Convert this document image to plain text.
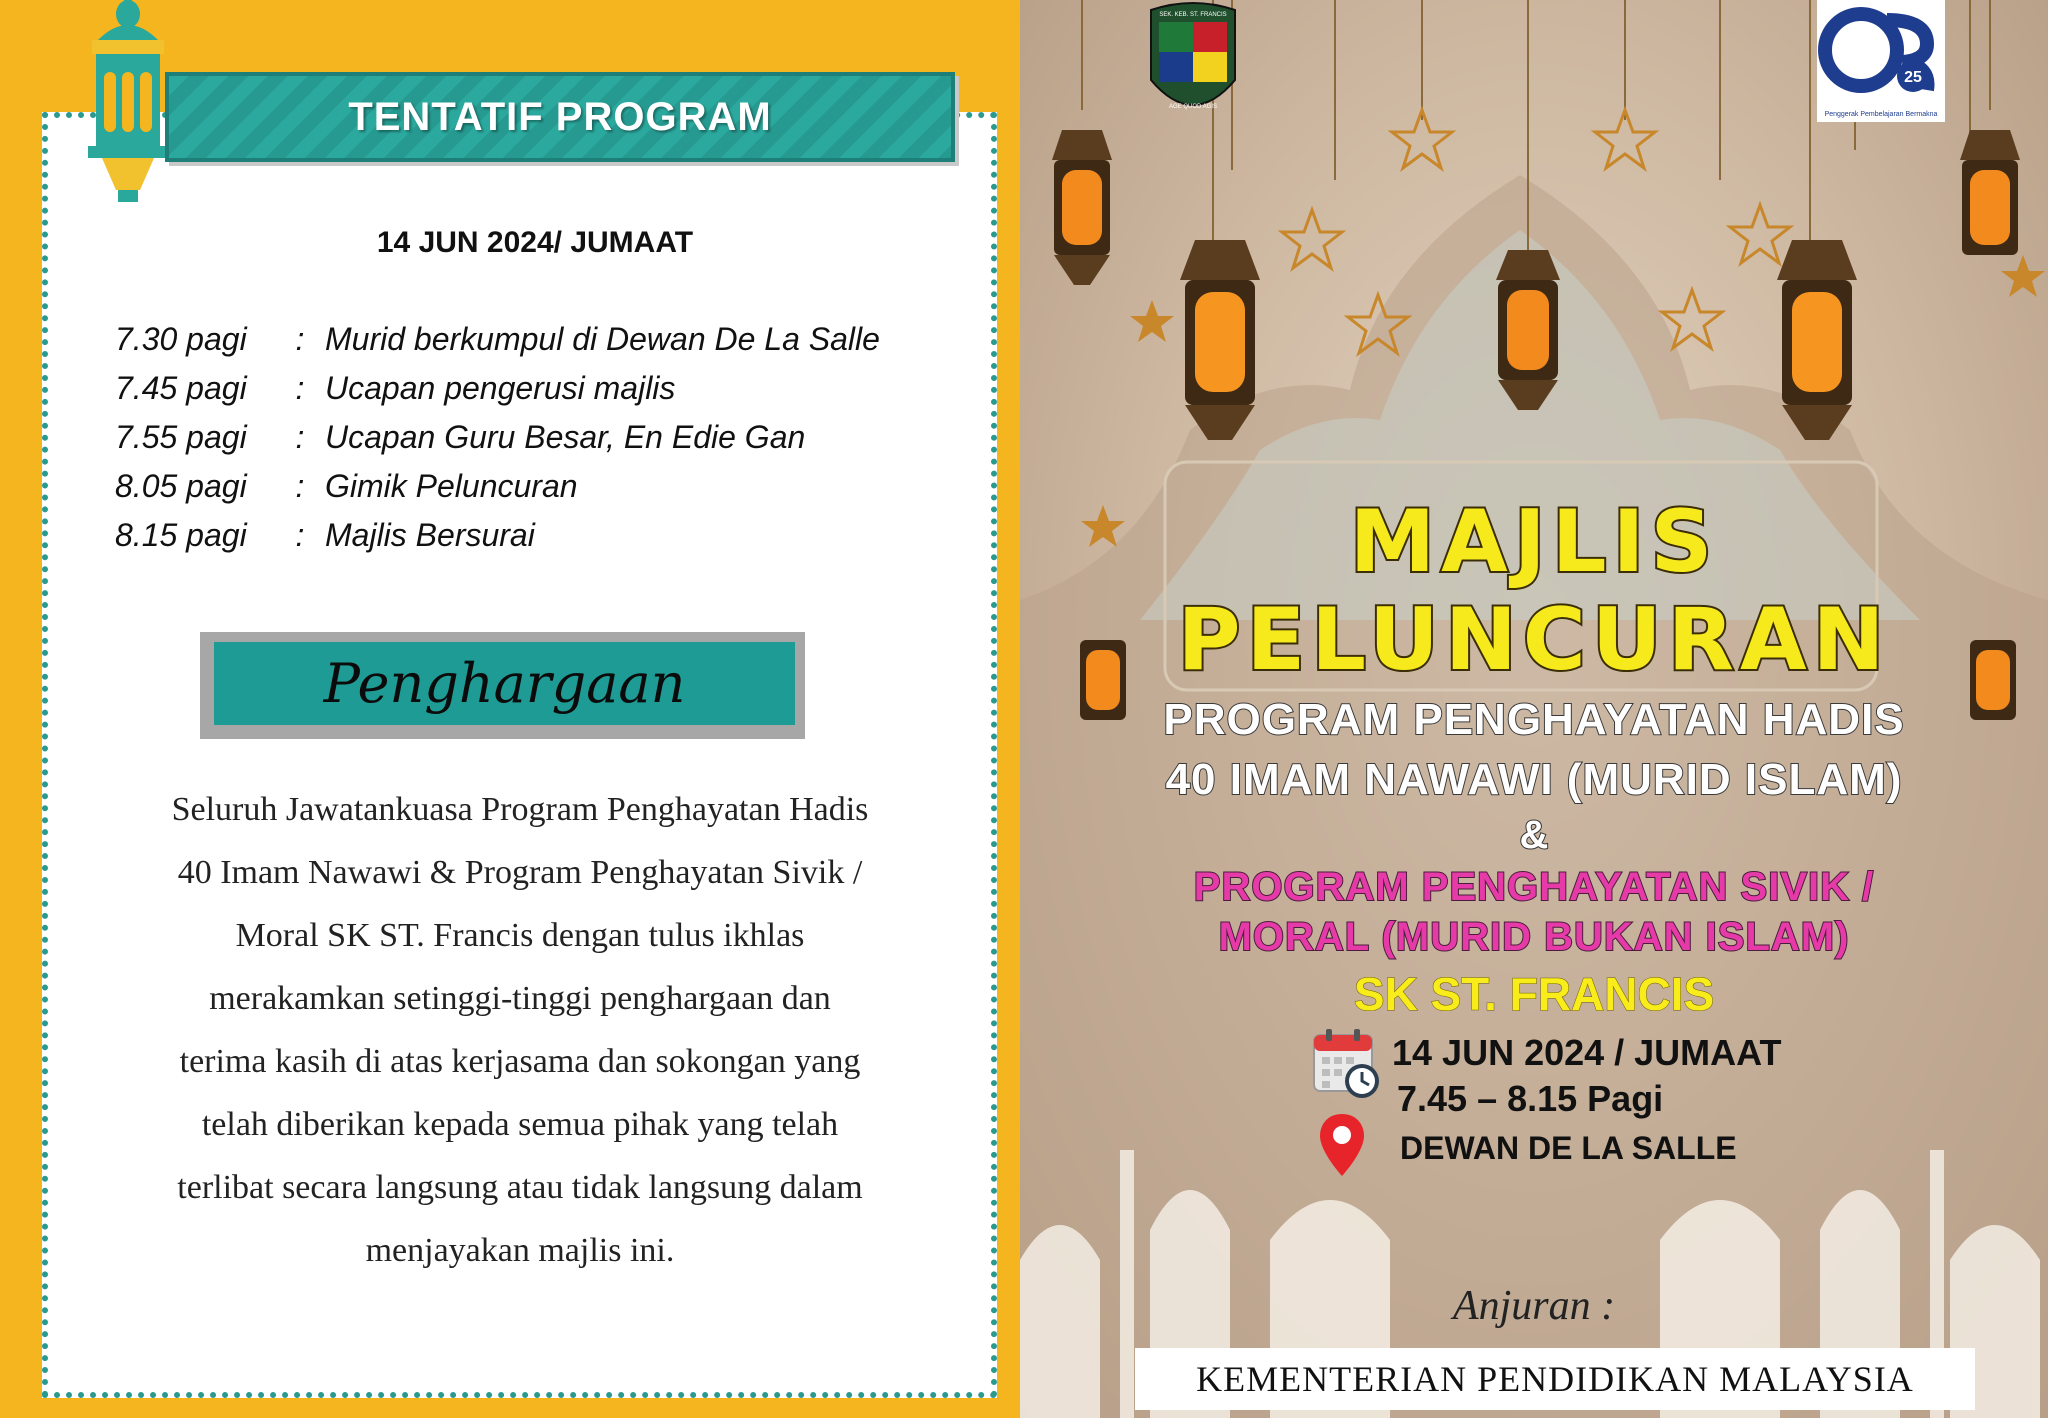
TENTATIF PROGRAM
14 JUN 2024/ JUMAAT
7.30 pagi	: Murid berkumpul di Dewan De La Salle
7.45 pagi	: Ucapan pengerusi majlis
7.55 pagi	: Ucapan Guru Besar, En Edie Gan
8.05 pagi	: Gimik Peluncuran
8.15 pagi	: Majlis Bersurai
Penghargaan
Seluruh Jawatankuasa Program Penghayatan Hadis
40 Imam Nawawi & Program Penghayatan Sivik /
Moral SK ST. Francis dengan tulus ikhlas
merakamkan setinggi-tinggi penghargaan dan
terima kasih di atas kerjasama dan sokongan yang
telah diberikan kepada semua pihak yang telah
terlibat secara langsung atau tidak langsung dalam
menjayakan majlis ini.
SEK. KEB. ST. FRANCIS
AGE QUOD AGIS
25
Penggerak Pembelajaran Bermakna
MAJLIS
PELUNCURAN
PROGRAM PENGHAYATAN HADIS
40 IMAM NAWAWI (MURID ISLAM)
&
PROGRAM PENGHAYATAN SIVIK /
MORAL (MURID BUKAN ISLAM)
SK ST. FRANCIS
14 JUN 2024 / JUMAAT
7.45 – 8.15 Pagi
DEWAN DE LA SALLE
Anjuran :
KEMENTERIAN PENDIDIKAN MALAYSIA
